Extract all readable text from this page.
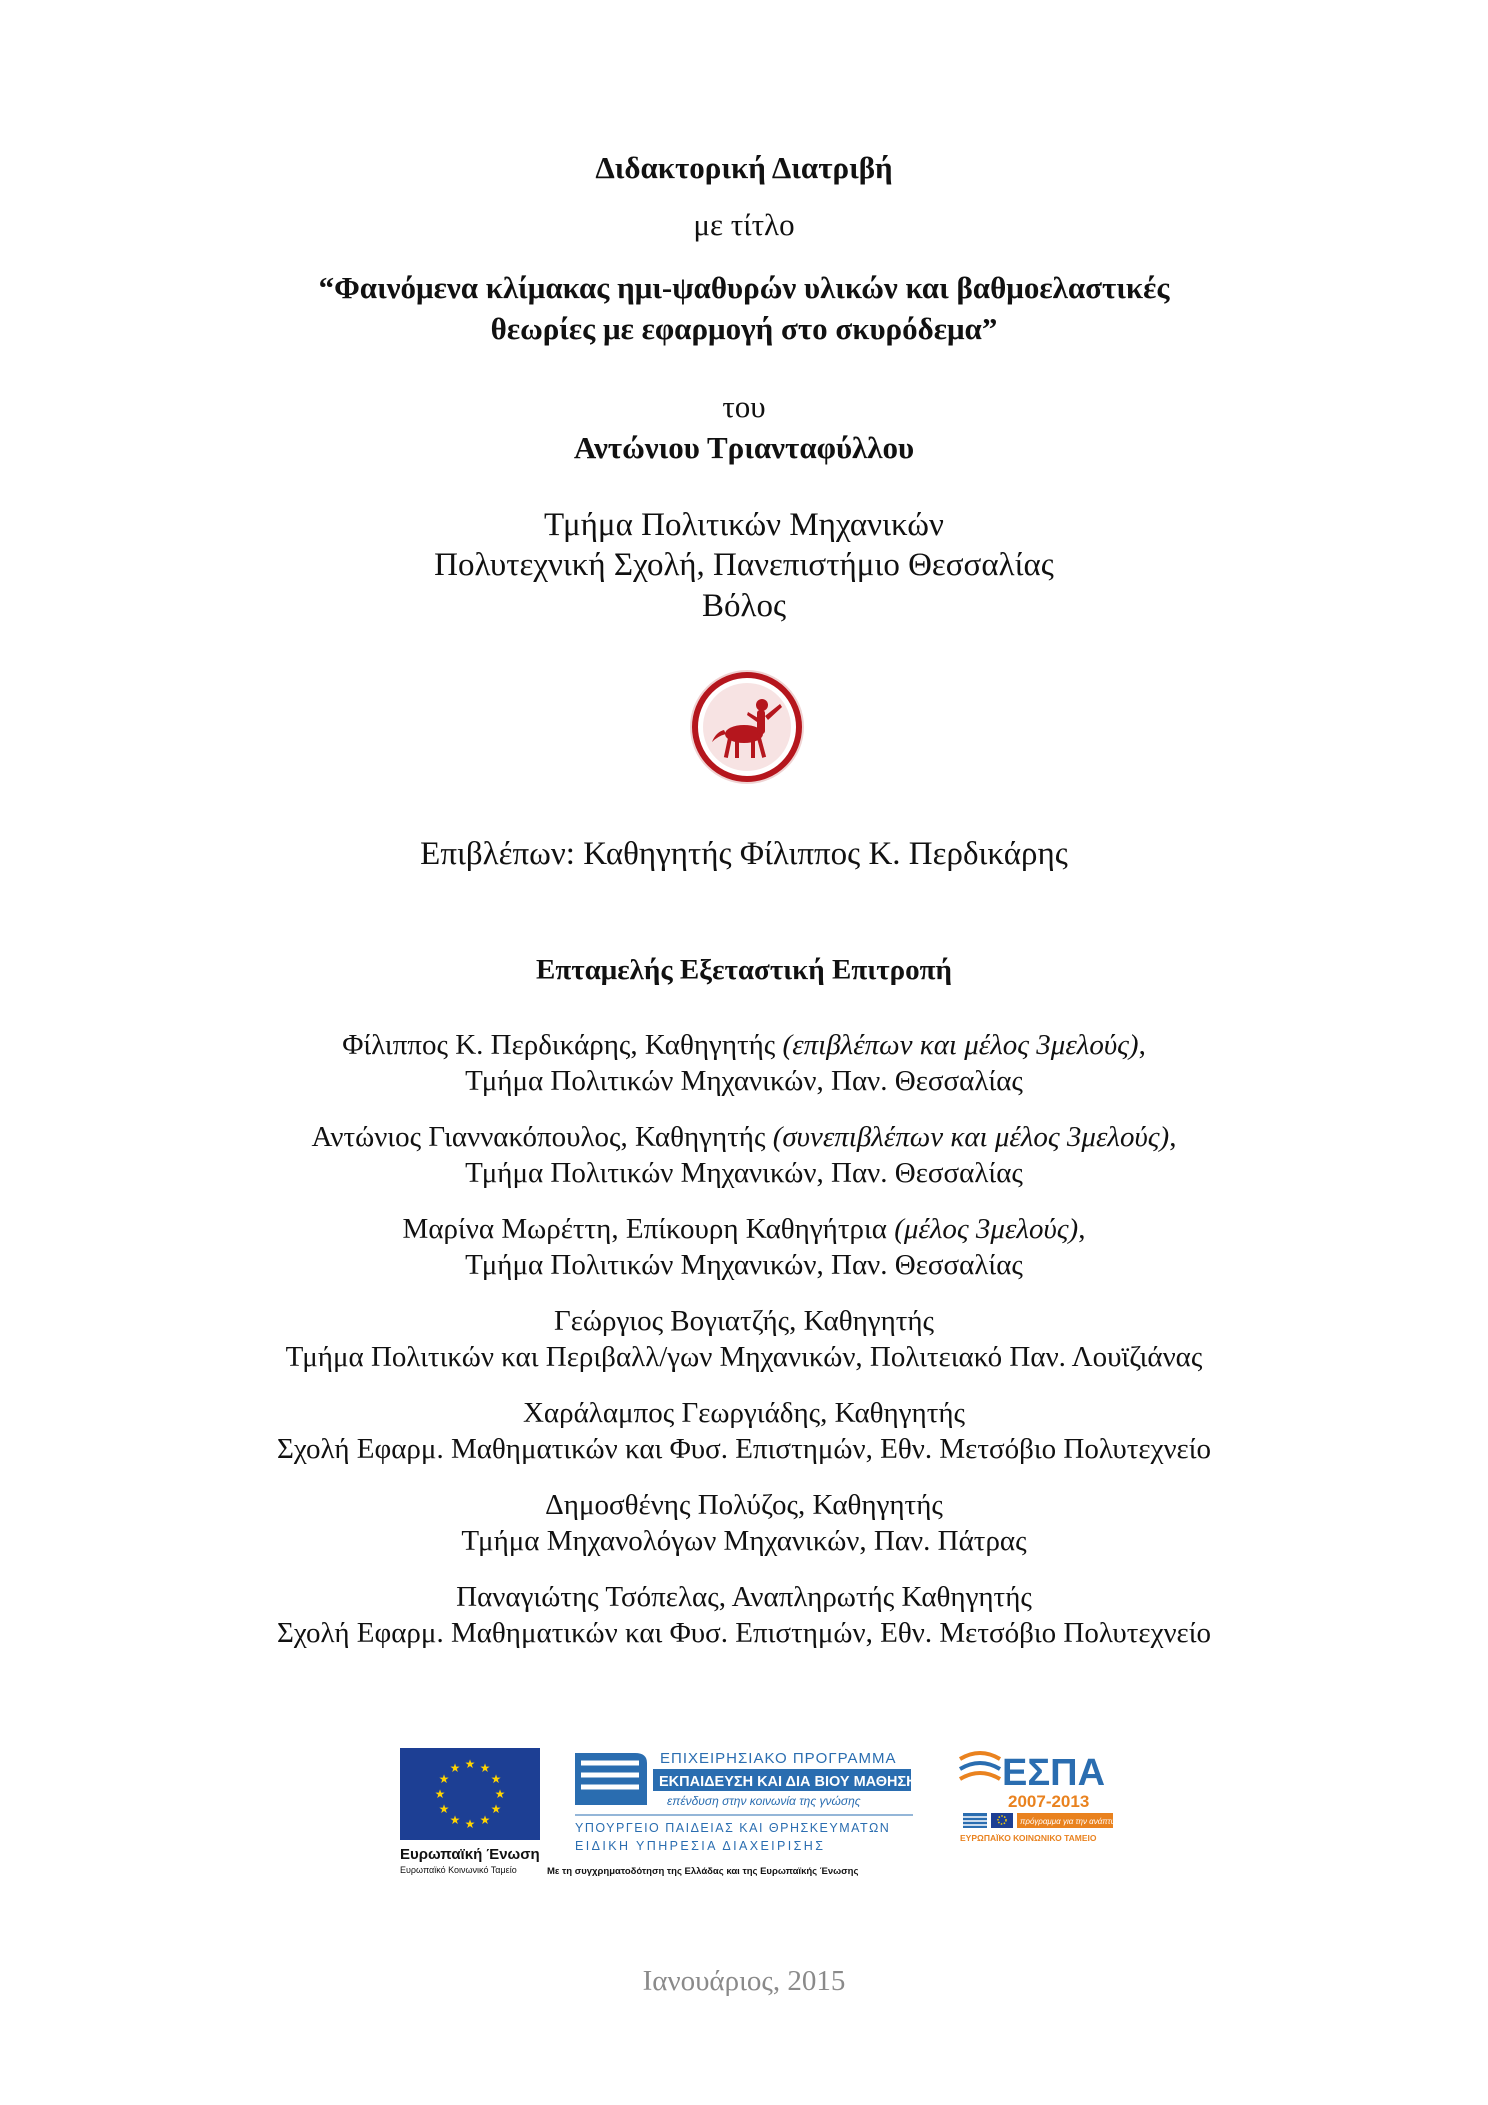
Διδακτορική Διατριβή
με τίτλο
“Φαινόμενα κλίμακας ημι-ψαθυρών υλικών και βαθμοελαστικές
θεωρίες με εφαρμογή στο σκυρόδεμα”
του
Αντώνιου Τριανταφύλλου
Τμήμα Πολιτικών Μηχανικών
Πολυτεχνική Σχολή, Πανεπιστήμιο Θεσσαλίας
Βόλος
Επιβλέπων: Καθηγητής Φίλιππος Κ. Περδικάρης
Επταμελής Εξεταστική Επιτροπή
Φίλιππος Κ. Περδικάρης, Καθηγητής (επιβλέπων και μέλος 3μελούς),
Τμήμα Πολιτικών Μηχανικών, Παν. Θεσσαλίας
Αντώνιος Γιαννακόπουλος, Καθηγητής (συνεπιβλέπων και μέλος 3μελούς),
Τμήμα Πολιτικών Μηχανικών, Παν. Θεσσαλίας
Μαρίνα Μωρέττη, Επίκουρη Καθηγήτρια (μέλος 3μελούς),
Τμήμα Πολιτικών Μηχανικών, Παν. Θεσσαλίας
Γεώργιος Βογιατζής, Καθηγητής
Τμήμα Πολιτικών και Περιβαλλ/γων Μηχανικών, Πολιτειακό Παν. Λουϊζιάνας
Χαράλαμπος Γεωργιάδης, Καθηγητής
Σχολή Εφαρμ. Μαθηματικών και Φυσ. Επιστημών, Εθν. Μετσόβιο Πολυτεχνείο
Δημοσθένης Πολύζος, Καθηγητής
Τμήμα Μηχανολόγων Μηχανικών, Παν. Πάτρας
Παναγιώτης Τσόπελας, Αναπληρωτής Καθηγητής
Σχολή Εφαρμ. Μαθηματικών και Φυσ. Επιστημών, Εθν. Μετσόβιο Πολυτεχνείο
★ ★
★
★
★
★
★
★
★
★
★
★
Ευρωπαϊκή Ένωση
Ευρωπαϊκό Κοινωνικό Ταμείο
ΕΠΙΧΕΙΡΗΣΙΑΚΟ ΠΡΟΓΡΑΜΜΑ
ΕΚΠΑΙΔΕΥΣΗ ΚΑΙ ΔΙΑ ΒΙΟΥ ΜΑΘΗΣΗ
επένδυση στην κοινωνία της γνώσης
ΥΠΟΥΡΓΕΙΟ ΠΑΙΔΕΙΑΣ ΚΑΙ ΘΡΗΣΚΕΥΜΑΤΩΝ
ΕΙΔΙΚΗ ΥΠΗΡΕΣΙΑ ΔΙΑΧΕΙΡΙΣΗΣ
Με τη συγχρηματοδότηση της Ελλάδας και της Ευρωπαϊκής Ένωσης
ΕΣΠΑ
2007-2013
πρόγραμμα για την ανάπτυξη
ΕΥΡΩΠΑΪΚΟ ΚΟΙΝΩΝΙΚΟ ΤΑΜΕΙΟ
Ιανουάριος, 2015
